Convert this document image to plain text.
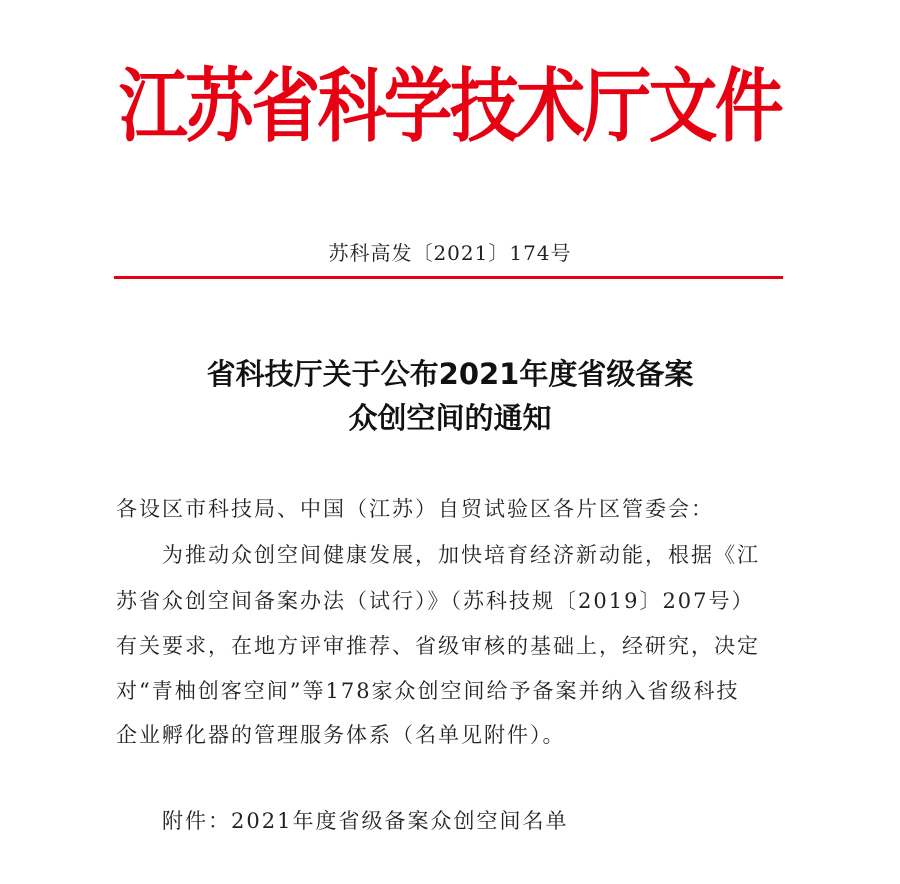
江苏省科学技术厅文件
苏科高发〔2021〕174号
省科技厅关于公布2021年度省级备案
众创空间的通知
各设区市科技局、中国（江苏）自贸试验区各片区管委会：
为推动众创空间健康发展，加快培育经济新动能，根据《江
苏省众创空间备案办法（试行）》（苏科技规〔2019〕207号）
有关要求，在地方评审推荐、省级审核的基础上，经研究，决定
对“青柚创客空间”等178家众创空间给予备案并纳入省级科技
企业孵化器的管理服务体系（名单见附件）。
附件：2021年度省级备案众创空间名单
